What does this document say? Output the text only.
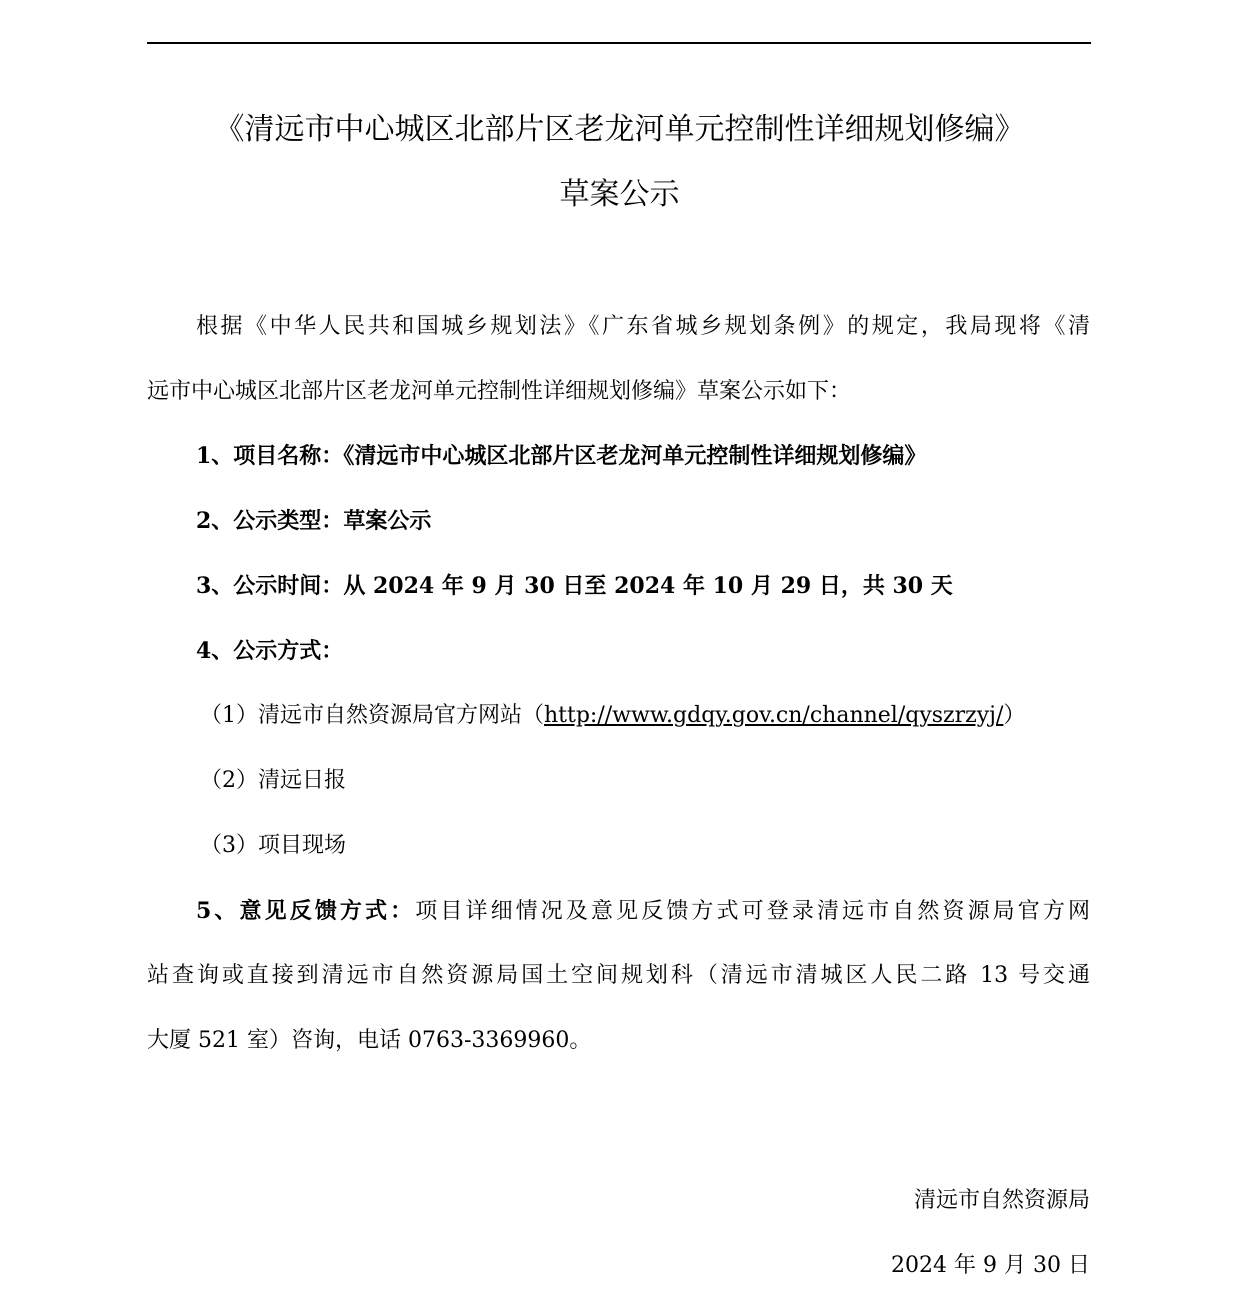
《清远市中心城区北部片区老龙河单元控制性详细规划修编》
草案公示
根据《中华人民共和国城乡规划法》《广东省城乡规划条例》的规定，我局现将《清
远市中心城区北部片区老龙河单元控制性详细规划修编》草案公示如下：
1、项目名称：《清远市中心城区北部片区老龙河单元控制性详细规划修编》
2、公示类型：草案公示
3、公示时间：从 2024 年 9 月 30 日至 2024 年 10 月 29 日，共 30 天
4、公示方式：
（1）清远市自然资源局官方网站（http://www.gdqy.gov.cn/channel/qyszrzyj/）
（2）清远日报
（3）项目现场
5、意见反馈方式：项目详细情况及意见反馈方式可登录清远市自然资源局官方网
站查询或直接到清远市自然资源局国土空间规划科（清远市清城区人民二路 13 号交通
大厦 521 室）咨询，电话 0763-3369960。
清远市自然资源局
2024 年 9 月 30 日
